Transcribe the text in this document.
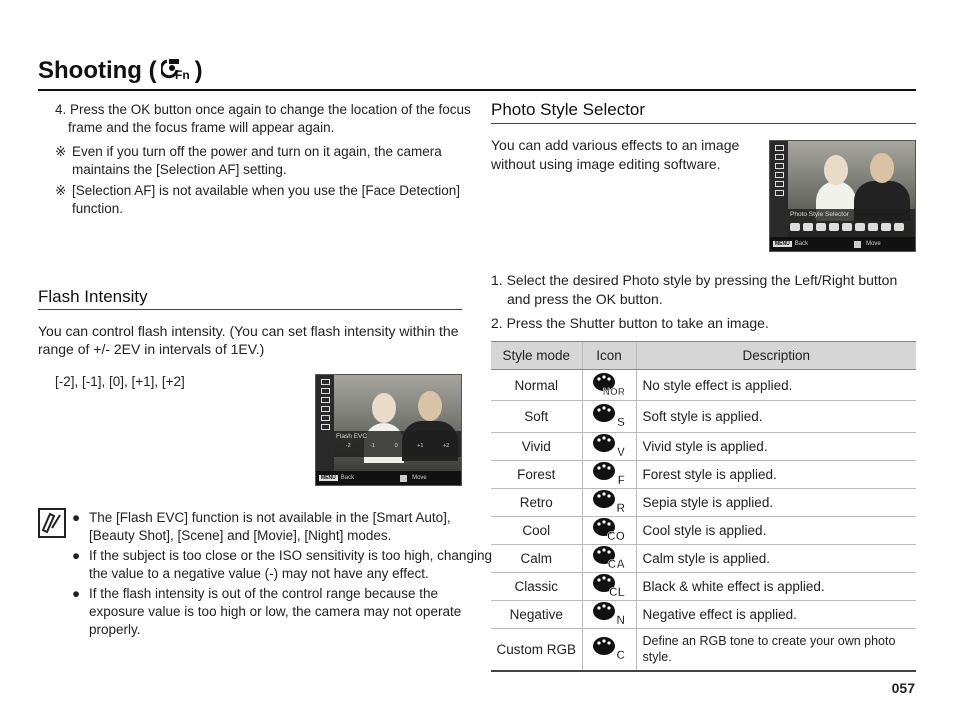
Shooting ( Fn )
4. Press the OK button once again to change the location of the focus
frame and the focus frame will appear again.
※ Even if you turn off the power and turn on it again, the camera
maintains the [Selection AF] setting.
※ [Selection AF] is not available when you use the [Face Detection]
function.
Flash Intensity
You can control flash intensity. (You can set flash intensity within the
range of +/- 2EV in intervals of 1EV.)
[-2], [-1], [0], [+1], [+2]
Flash EVC
-2	-1	0	+1	+2
MENU Back	Move
● The [Flash EVC] function is not available in the [Smart Auto],
[Beauty Shot], [Scene] and [Movie], [Night] modes.
● If the subject is too close or the ISO sensitivity is too high, changing
the value to a negative value (-) may not have any effect.
● If the flash intensity is out of the control range because the
exposure value is too high or low, the camera may not operate
properly.
Photo Style Selector
You can add various effects to an image
without using image editing software.
Photo Style Selector
MENU Back	Move
1. Select the desired Photo style by pressing the Left/Right button
and press the OK button.
2. Press the Shutter button to take an image.
Style mode	Icon	Description
Normal	NOR	No style effect is applied.
Soft	S	Soft style is applied.
Vivid	V	Vivid style is applied.
Forest	F	Forest style is applied.
Retro	R	Sepia style is applied.
Cool	CO	Cool style is applied.
Calm	CA	Calm style is applied.
Classic	CL	Black & white effect is applied.
Negative	N	Negative effect is applied.
Custom RGB	C	Define an RGB tone to create your own photo
style.
057
